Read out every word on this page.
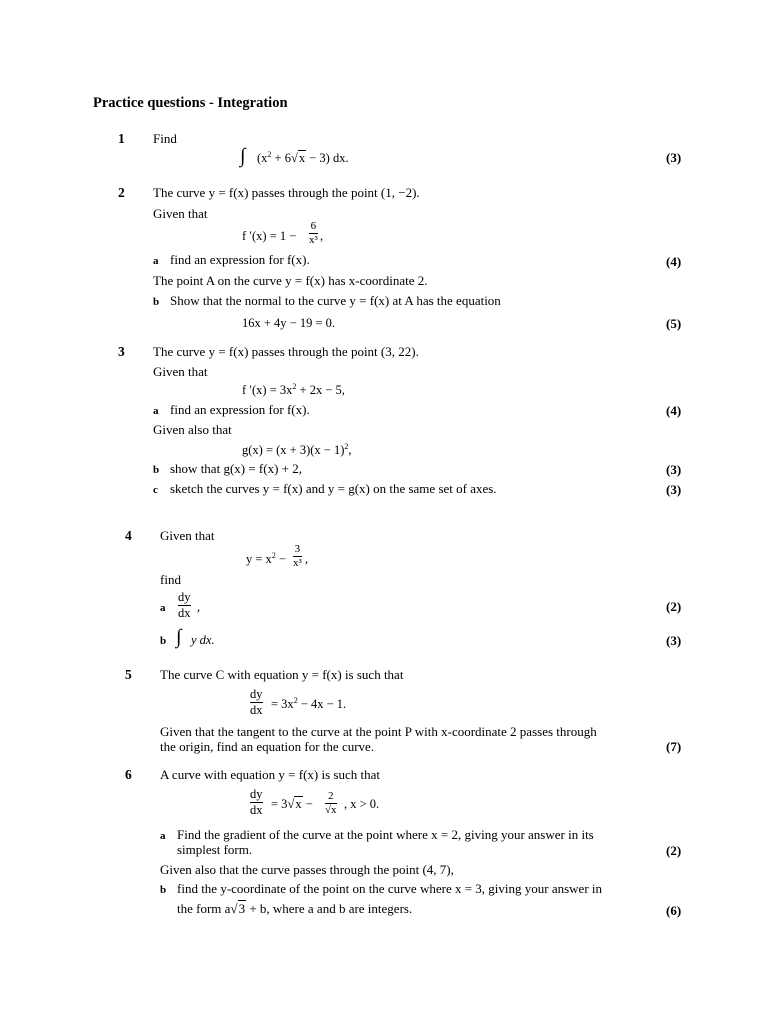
Practice questions - Integration
1 Find
∫ $(x^2 + 6√x - 3)$ dx.	(3)
2 The curve y = f(x) passes through the point (1, −2).
Given that
f ′(x) = 1 −
6
x³ ,
a find an expression for f(x).	(4)
The point A on the curve y = f(x) has x-coordinate 2.
b Show that the normal to the curve y = f(x) at A has the equation
16x + 4y − 19 = 0.	(5)
3 The curve y = f(x) passes through the point (3, 22).
Given that
f $'(x) = 3x^2 + 2x - 5$,
a find an expression for f(x).	(4)
Given also that
$g(x) = (x + 3)(x - 1)^2$,
b show that g(x) = f(x) + 2,	(3)
c sketch the curves y = f(x) and y = g(x) on the same set of axes.	(3)
4 Given that
$y = x^2$ −
3
x³ ,
find
a
dy
dx ,	(2)
b ∫ y dx.	(3)
5 The curve C with equation y = f(x) is such that
dy
dx = $3x^2 - 4x - 1$.
Given that the tangent to the curve at the point P with x-coordinate 2 passes through
the origin, find an equation for the curve.	(7)
6 A curve with equation y = f(x) is such that
dy
dx = 3√x −
2
√x , x > 0.
a Find the gradient of the curve at the point where x = 2, giving your answer in its
simplest form.	(2)
Given also that the curve passes through the point (4, 7),
b find the y-coordinate of the point on the curve where x = 3, giving your answer in
the form a√3 + b, where a and b are integers.	(6)
